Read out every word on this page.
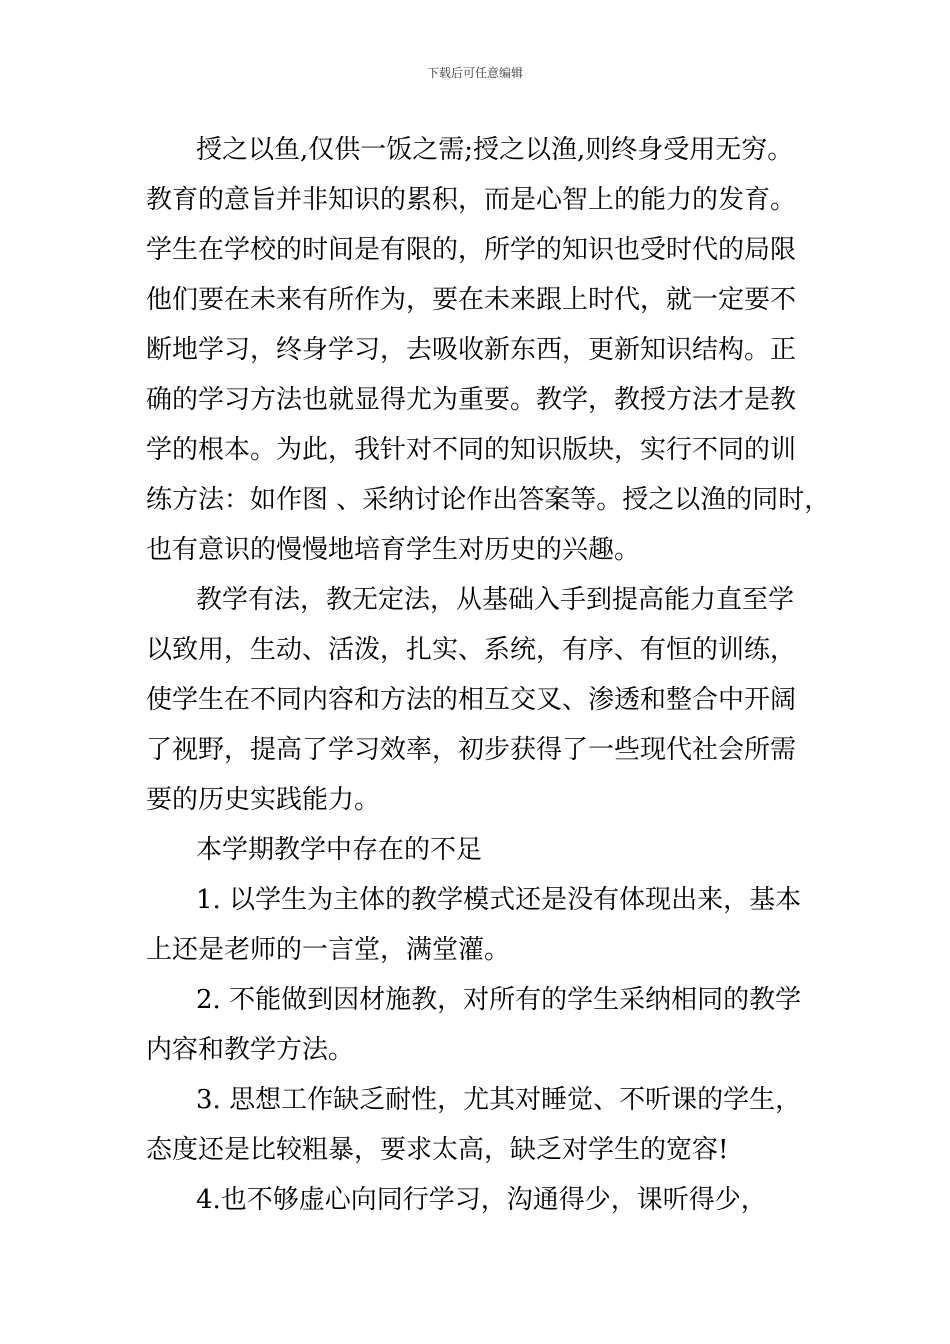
下载后可任意编辑
授之以鱼,仅供一饭之需;授之以渔,则终身受用无穷。
教育的意旨并非知识的累积，而是心智上的能力的发育。
学生在学校的时间是有限的，所学的知识也受时代的局限
他们要在未来有所作为，要在未来跟上时代，就一定要不
断地学习，终身学习，去吸收新东西，更新知识结构。正
确的学习方法也就显得尤为重要。教学，教授方法才是教
学的根本。为此，我针对不同的知识版块，实行不同的训
练方法：如作图 、采纳讨论作出答案等。授之以渔的同时，
也有意识的慢慢地培育学生对历史的兴趣。
教学有法，教无定法，从基础入手到提高能力直至学
以致用，生动、活泼，扎实、系统，有序、有恒的训练，
使学生在不同内容和方法的相互交叉、渗透和整合中开阔
了视野，提高了学习效率，初步获得了一些现代社会所需
要的历史实践能力。
本学期教学中存在的不足
1. 以学生为主体的教学模式还是没有体现出来，基本
上还是老师的一言堂，满堂灌。
2. 不能做到因材施教，对所有的学生采纳相同的教学
内容和教学方法。
3. 思想工作缺乏耐性，尤其对睡觉、不听课的学生，
态度还是比较粗暴，要求太高，缺乏对学生的宽容!
4.也不够虚心向同行学习，沟通得少，课听得少，
